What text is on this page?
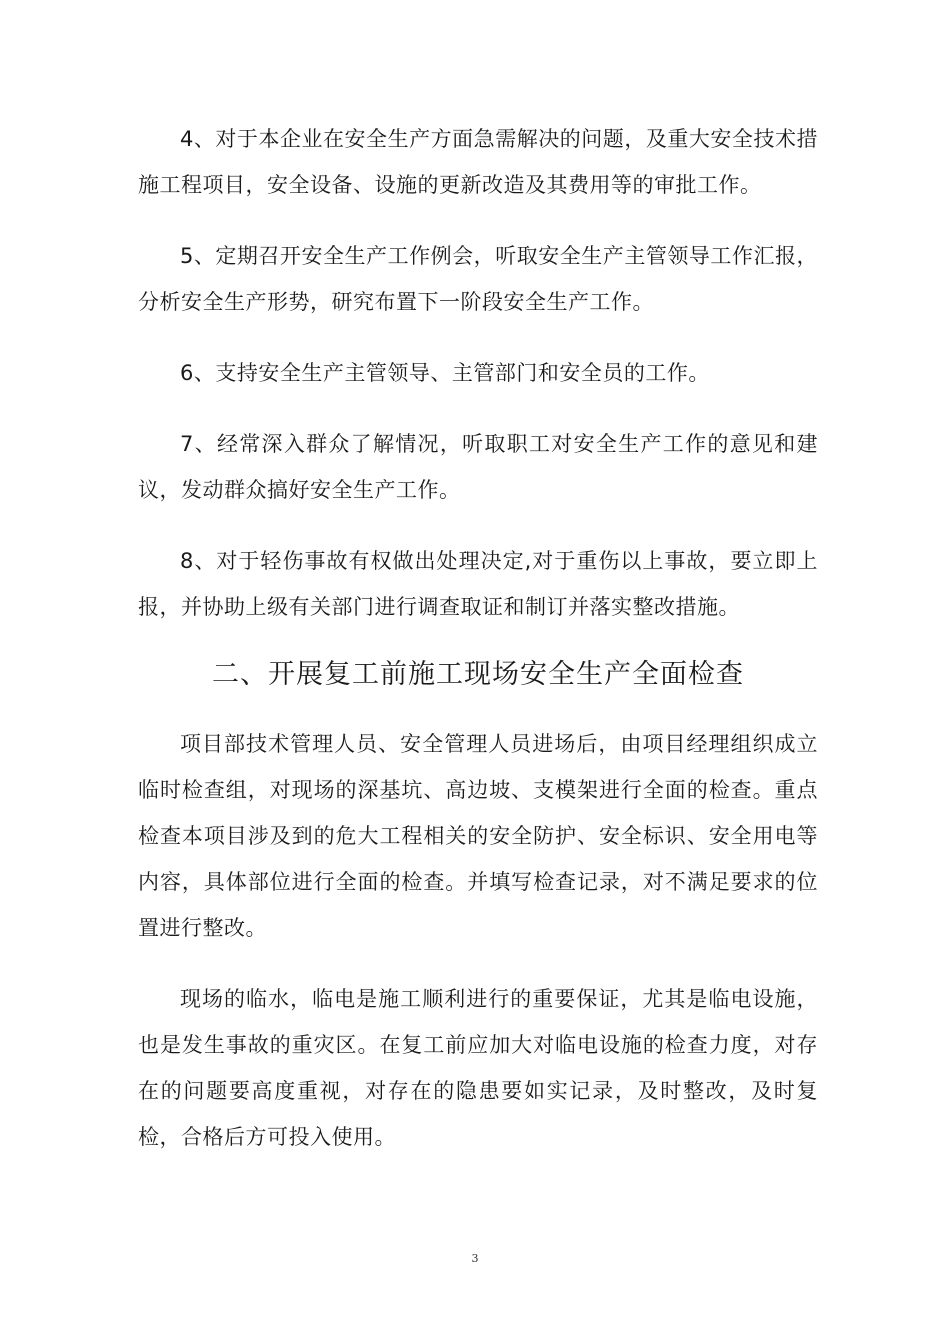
4、对于本企业在安全生产方面急需解决的问题，及重大安全技术措施工程项目，安全设备、设施的更新改造及其费用等的审批工作。

5、定期召开安全生产工作例会，听取安全生产主管领导工作汇报，分析安全生产形势，研究布置下一阶段安全生产工作。

6、支持安全生产主管领导、主管部门和安全员的工作。

7、经常深入群众了解情况，听取职工对安全生产工作的意见和建议，发动群众搞好安全生产工作。

8、对于轻伤事故有权做出处理决定,对于重伤以上事故，要立即上报，并协助上级有关部门进行调查取证和制订并落实整改措施。

二、开展复工前施工现场安全生产全面检查

项目部技术管理人员、安全管理人员进场后，由项目经理组织成立临时检查组，对现场的深基坑、高边坡、支模架进行全面的检查。重点检查本项目涉及到的危大工程相关的安全防护、安全标识、安全用电等内容，具体部位进行全面的检查。并填写检查记录，对不满足要求的位置进行整改。

现场的临水，临电是施工顺利进行的重要保证，尤其是临电设施，也是发生事故的重灾区。在复工前应加大对临电设施的检查力度，对存在的问题要高度重视，对存在的隐患要如实记录，及时整改，及时复检，合格后方可投入使用。

3
